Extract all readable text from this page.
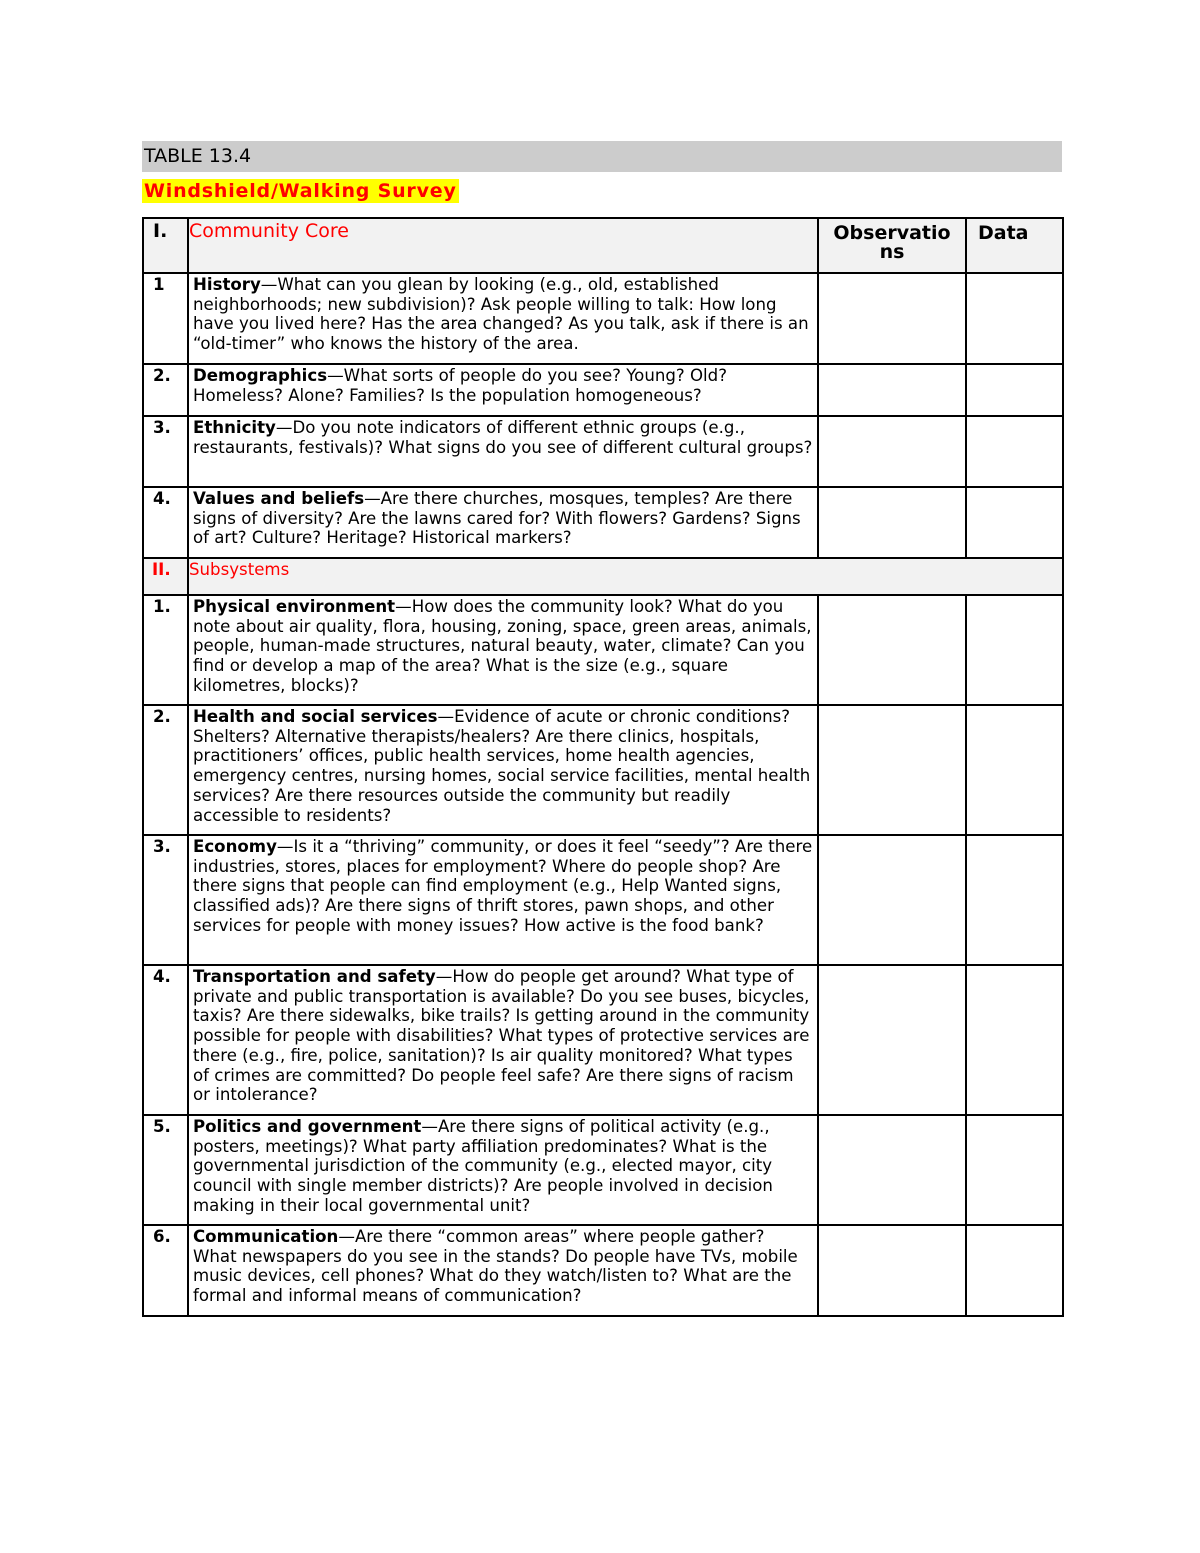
TABLE 13.4
Windshield/Walking Survey
I.	Community Core	Observatio ns	Data
1	History—What can you glean by looking (e.g., old, established neighborhoods; new subdivision)? Ask people willing to talk: How long have you lived here? Has the area changed? As you talk, ask if there is an “old-timer” who knows the history of the area.		
2.	Demographics—What sorts of people do you see? Young? Old? Homeless? Alone? Families? Is the population homogeneous?		
3.	Ethnicity—Do you note indicators of different ethnic groups (e.g., restaurants, festivals)? What signs do you see of different cultural groups?		
4.	Values and beliefs—Are there churches, mosques, temples? Are there signs of diversity? Are the lawns cared for? With flowers? Gardens? Signs of art? Culture? Heritage? Historical markers?		
II.	Subsystems		
1.	Physical environment—How does the community look? What do you note about air quality, flora, housing, zoning, space, green areas, animals, people, human-made structures, natural beauty, water, climate? Can you find or develop a map of the area? What is the size (e.g., square kilometres, blocks)?		
2.	Health and social services—Evidence of acute or chronic conditions? Shelters? Alternative therapists/healers? Are there clinics, hospitals, practitioners’ offices, public health services, home health agencies, emergency centres, nursing homes, social service facilities, mental health services? Are there resources outside the community but readily accessible to residents?		
3.	Economy—Is it a “thriving” community, or does it feel “seedy”? Are there industries, stores, places for employment? Where do people shop? Are there signs that people can find employment (e.g., Help Wanted signs, classified ads)? Are there signs of thrift stores, pawn shops, and other services for people with money issues? How active is the food bank?		
4.	Transportation and safety—How do people get around? What type of private and public transportation is available? Do you see buses, bicycles, taxis? Are there sidewalks, bike trails? Is getting around in the community possible for people with disabilities? What types of protective services are there (e.g., fire, police, sanitation)? Is air quality monitored? What types of crimes are committed? Do people feel safe? Are there signs of racism or intolerance?		
5.	Politics and government—Are there signs of political activity (e.g., posters, meetings)? What party affiliation predominates? What is the governmental jurisdiction of the community (e.g., elected mayor, city council with single member districts)? Are people involved in decision making in their local governmental unit?		
6.	Communication—Are there “common areas” where people gather? What newspapers do you see in the stands? Do people have TVs, mobile music devices, cell phones? What do they watch/listen to? What are the formal and informal means of communication?		
